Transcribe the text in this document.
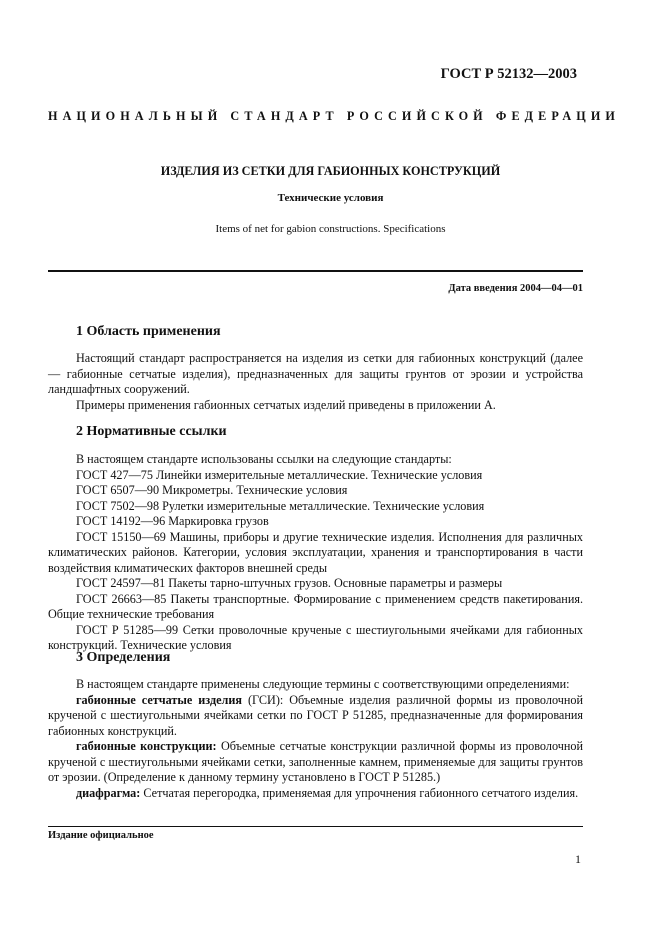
ГОСТ Р 52132—2003
НАЦИОНАЛЬНЫЙ СТАНДАРТ РОССИЙСКОЙ ФЕДЕРАЦИИ
ИЗДЕЛИЯ ИЗ СЕТКИ ДЛЯ ГАБИОННЫХ КОНСТРУКЦИЙ
Технические условия
Items of net for gabion constructions. Specifications
Дата введения 2004—04—01
1 Область применения

Настоящий стандарт распространяется на изделия из сетки для габионных конструкций (далее — габионные сетчатые изделия), предназначенных для защиты грунтов от эрозии и устройства ландшафтных сооружений.

Примеры применения габионных сетчатых изделий приведены в приложении А.

2 Нормативные ссылки

В настоящем стандарте использованы ссылки на следующие стандарты:

ГОСТ 427—75 Линейки измерительные металлические. Технические условия
ГОСТ 6507—90 Микрометры. Технические условия
ГОСТ 7502—98 Рулетки измерительные металлические. Технические условия
ГОСТ 14192—96 Маркировка грузов
ГОСТ 15150—69 Машины, приборы и другие технические изделия. Исполнения для различных климатических районов. Категории, условия эксплуатации, хранения и транспортирования в части воздействия климатических факторов внешней среды
ГОСТ 24597—81 Пакеты тарно-штучных грузов. Основные параметры и размеры
ГОСТ 26663—85 Пакеты транспортные. Формирование с применением средств пакетирования. Общие технические требования
ГОСТ Р 51285—99 Сетки проволочные крученые с шестиугольными ячейками для габионных конструкций. Технические условия
3 Определения

В настоящем стандарте применены следующие термины с соответствующими определениями:

габионные сетчатые изделия (ГСИ): Объемные изделия различной формы из проволочной крученой с шестиугольными ячейками сетки по ГОСТ Р 51285, предназначенные для формирования габионных конструкций.

габионные конструкции: Объемные сетчатые конструкции различной формы из проволочной крученой с шестиугольными ячейками сетки, заполненные камнем, применяемые для защиты грунтов от эрозии. (Определение к данному термину установлено в ГОСТ Р 51285.)

диафрагма: Сетчатая перегородка, применяемая для упрочнения габионного сетчатого изделия.

Издание официальное
1
